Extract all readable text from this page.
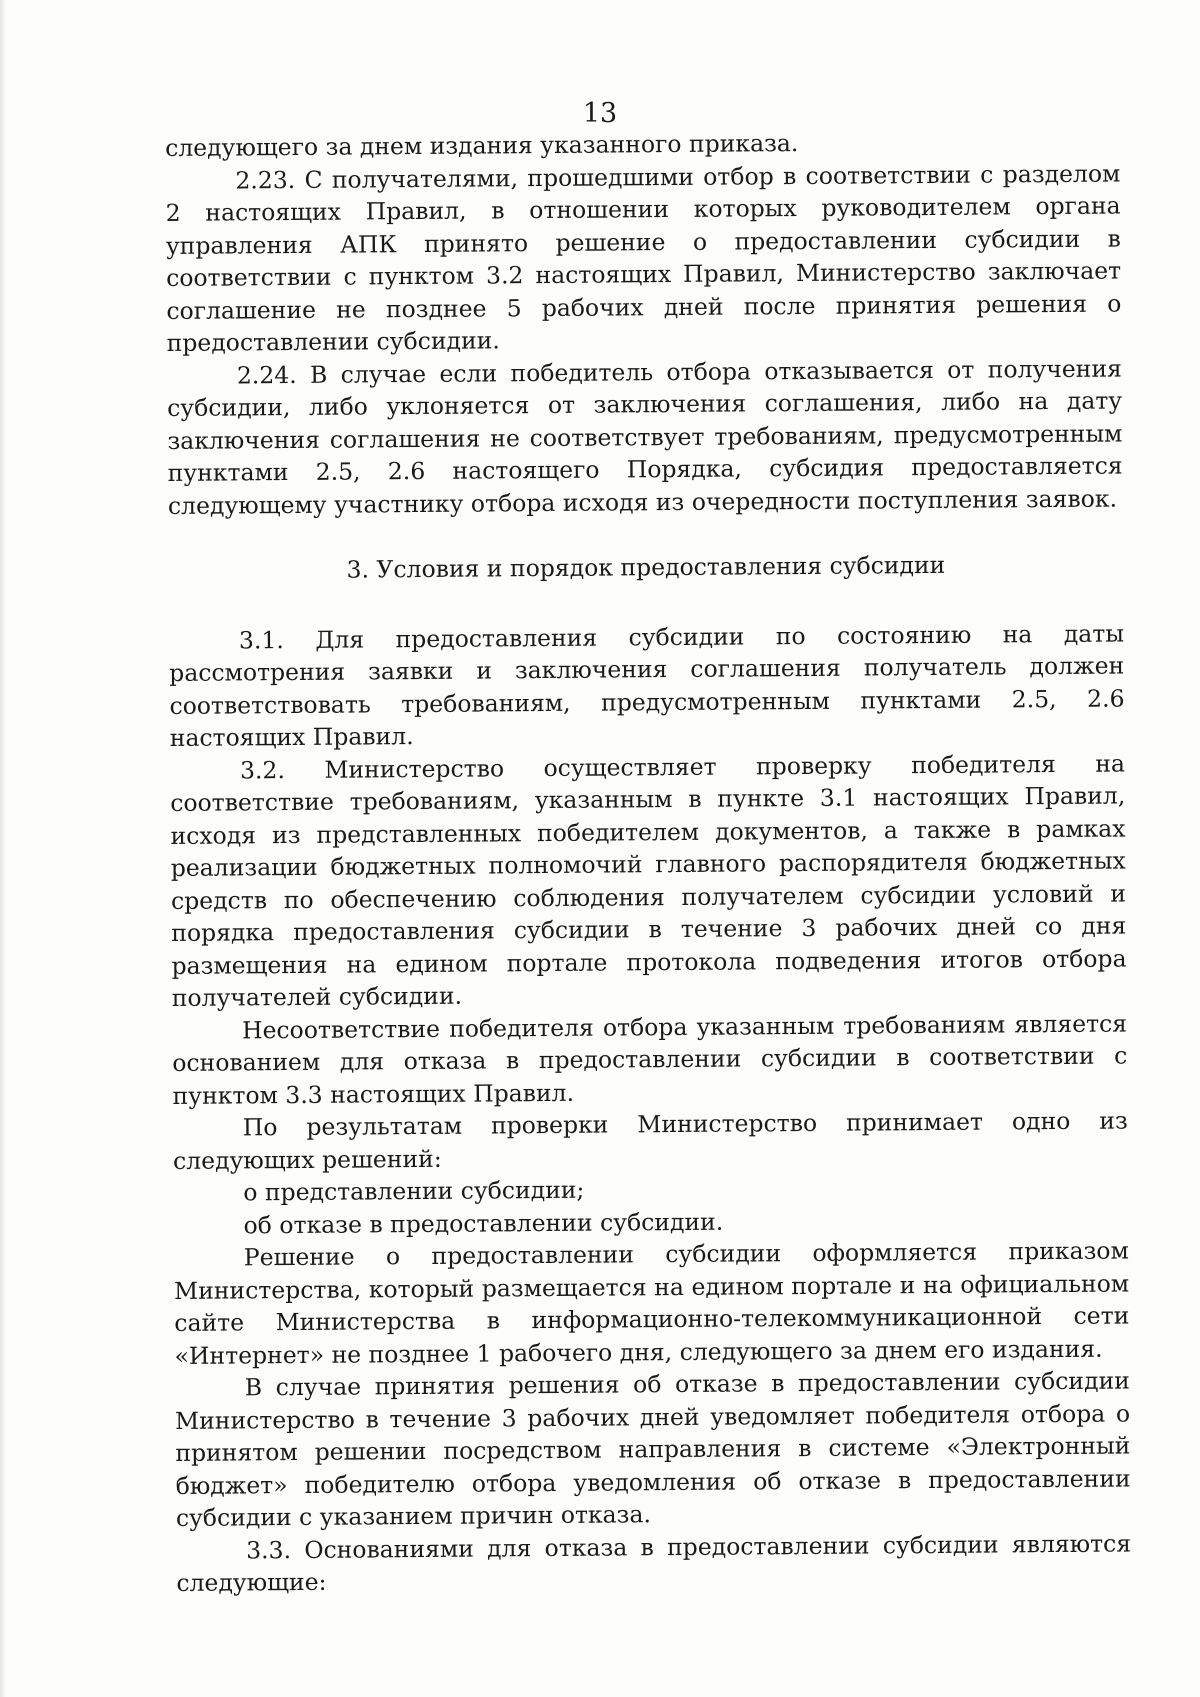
13

следующего за днем издания указанного приказа.

2.23. С получателями, прошедшими отбор в соответствии с разделом 2 настоящих Правил, в отношении которых руководителем органа управления АПК принято решение о предоставлении субсидии в соответствии с пунктом 3.2 настоящих Правил, Министерство заключает соглашение не позднее 5 рабочих дней после принятия решения о предоставлении субсидии.

2.24. В случае если победитель отбора отказывается от получения субсидии, либо уклоняется от заключения соглашения, либо на дату заключения соглашения не соответствует требованиям, предусмотренным пунктами 2.5, 2.6 настоящего Порядка, субсидия предоставляется следующему участнику отбора исходя из очередности поступления заявок.

3. Условия и порядок предоставления субсидии

3.1. Для предоставления субсидии по состоянию на даты рассмотрения заявки и заключения соглашения получатель должен соответствовать требованиям, предусмотренным пунктами 2.5, 2.6 настоящих Правил.

3.2. Министерство осуществляет проверку победителя на соответствие требованиям, указанным в пункте 3.1 настоящих Правил, исходя из представленных победителем документов, а также в рамках реализации бюджетных полномочий главного распорядителя бюджетных средств по обеспечению соблюдения получателем субсидии условий и порядка предоставления субсидии в течение 3 рабочих дней со дня размещения на едином портале протокола подведения итогов отбора получателей субсидии.

Несоответствие победителя отбора указанным требованиям является основанием для отказа в предоставлении субсидии в соответствии с пунктом 3.3 настоящих Правил.

По результатам проверки Министерство принимает одно из следующих решений:

о представлении субсидии;

об отказе в предоставлении субсидии.

Решение о предоставлении субсидии оформляется приказом Министерства, который размещается на едином портале и на официальном сайте Министерства в информационно-телекоммуникационной сети «Интернет» не позднее 1 рабочего дня, следующего за днем его издания.

В случае принятия решения об отказе в предоставлении субсидии Министерство в течение 3 рабочих дней уведомляет победителя отбора о принятом решении посредством направления в системе «Электронный бюджет» победителю отбора уведомления об отказе в предоставлении субсидии с указанием причин отказа.

3.3. Основаниями для отказа в предоставлении субсидии являются следующие:
